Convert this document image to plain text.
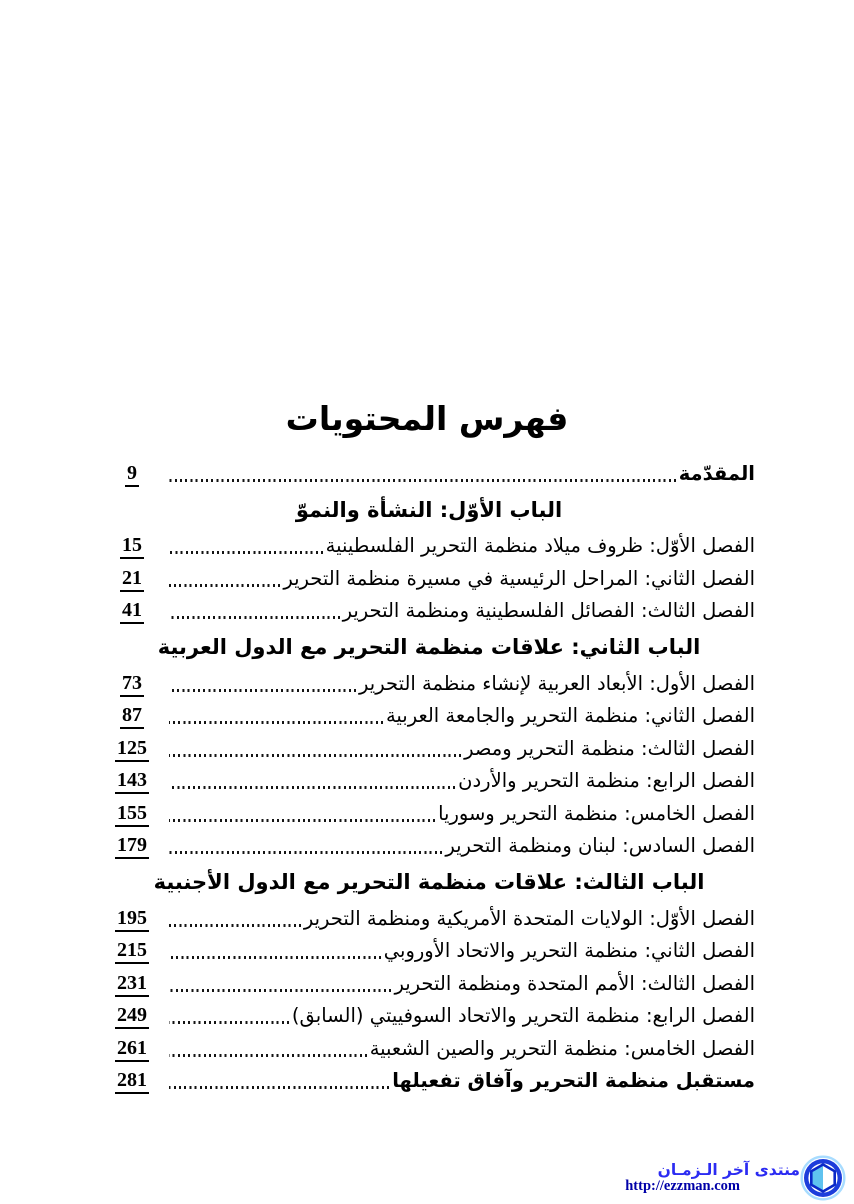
فهرس المحتويات
المقدّمة
9
الباب الأوّل: النشأة والنموّ
الفصل الأوّل: ظروف ميلاد منظمة التحرير الفلسطينية
15
الفصل الثاني: المراحل الرئيسية في مسيرة منظمة التحرير
21
الفصل الثالث: الفصائل الفلسطينية ومنظمة التحرير
41
الباب الثاني: علاقات منظمة التحرير مع الدول العربية
الفصل الأول: الأبعاد العربية لإنشاء منظمة التحرير
73
الفصل الثاني: منظمة التحرير والجامعة العربية
87
الفصل الثالث: منظمة التحرير ومصر
125
الفصل الرابع: منظمة التحرير والأردن
143
الفصل الخامس: منظمة التحرير وسوريا
155
الفصل السادس: لبنان ومنظمة التحرير
179
الباب الثالث: علاقات منظمة التحرير مع الدول الأجنبية
الفصل الأوّل: الولايات المتحدة الأمريكية ومنظمة التحرير
195
الفصل الثاني: منظمة التحرير والاتحاد الأوروبي
215
الفصل الثالث: الأمم المتحدة ومنظمة التحرير
231
الفصل الرابع: منظمة التحرير والاتحاد السوفييتي (السابق)
249
الفصل الخامس: منظمة التحرير والصين الشعبية
261
مستقبل منظمة التحرير وآفاق تفعيلها
281
منتدى آخر الـزمـان
http://ezzman.com
